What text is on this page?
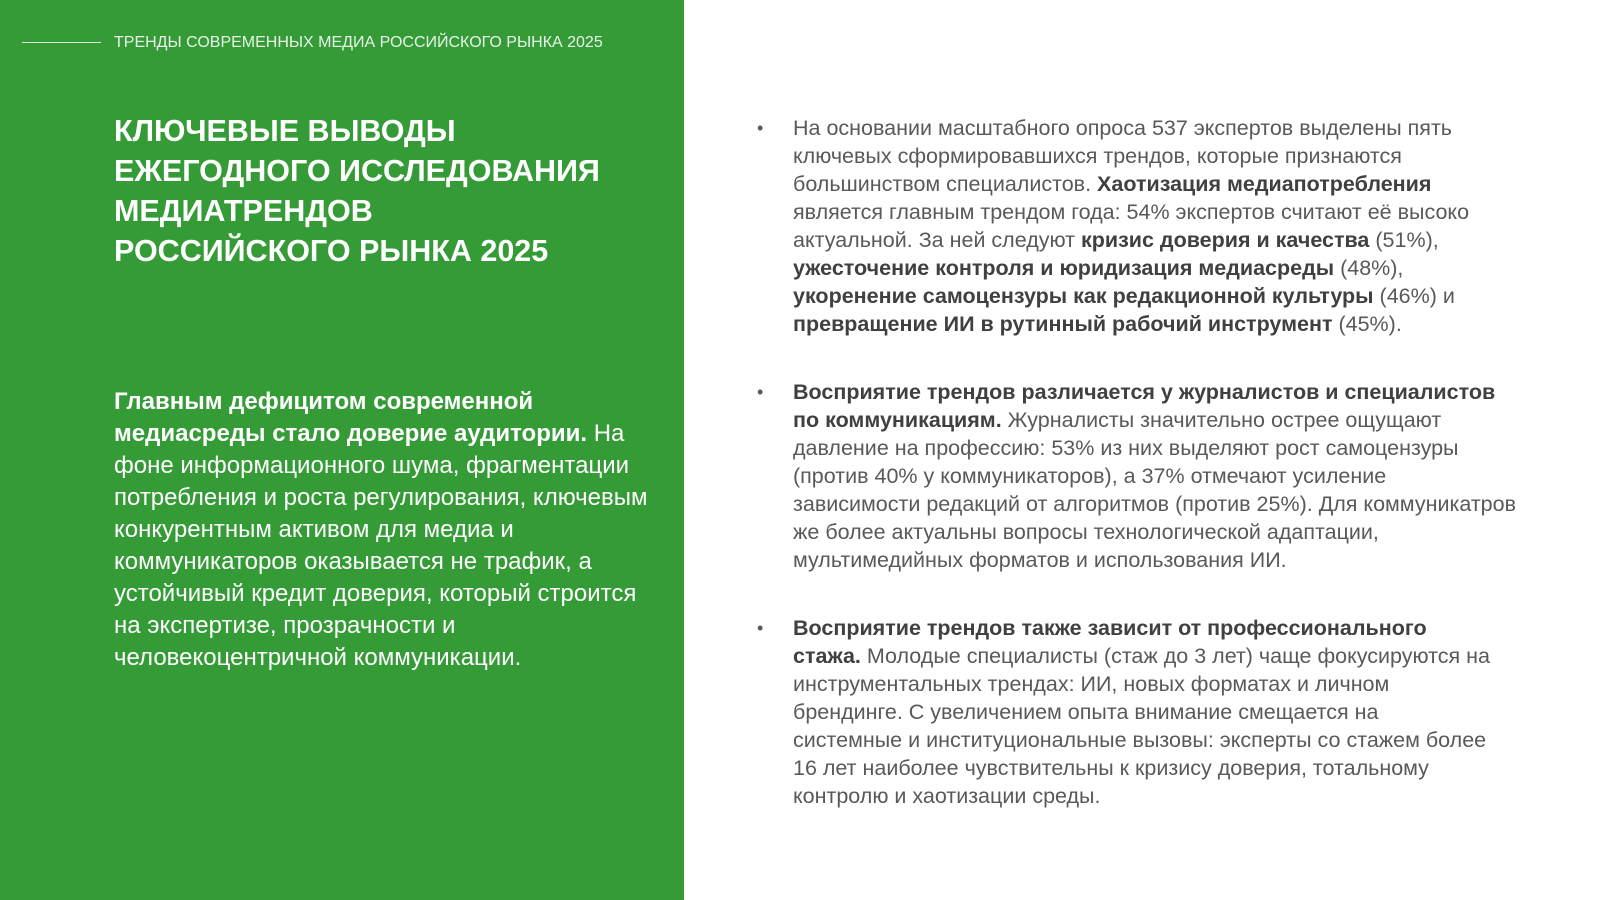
ТРЕНДЫ СОВРЕМЕННЫХ МЕДИА РОССИЙСКОГО РЫНКА 2025
КЛЮЧЕВЫЕ ВЫВОДЫ
ЕЖЕГОДНОГО ИССЛЕДОВАНИЯ
МЕДИАТРЕНДОВ
РОССИЙСКОГО РЫНКА 2025

Главным дефицитом современной медиасреды стало доверие аудитории. На фоне информационного шума, фрагментации потребления и роста регулирования, ключевым конкурентным активом для медиа и коммуникаторов оказывается не трафик, а устойчивый кредит доверия, который строится на экспертизе, прозрачности и человекоцентричной коммуникации.

• На основании масштабного опроса 537 экспертов выделены пять ключевых сформировавшихся трендов, которые признаются большинством специалистов. Хаотизация медиапотребления является главным трендом года: 54% экспертов считают её высоко актуальной. За ней следуют кризис доверия и качества (51%), ужесточение контроля и юридизация медиасреды (48%), укоренение самоцензуры как редакционной культуры (46%) и превращение ИИ в рутинный рабочий инструмент (45%).
• Восприятие трендов различается у журналистов и специалистов по коммуникациям. Журналисты значительно острее ощущают давление на профессию: 53% из них выделяют рост самоцензуры (против 40% у коммуникаторов), а 37% отмечают усиление зависимости редакций от алгоритмов (против 25%). Для коммуникатров же более актуальны вопросы технологической адаптации, мультимедийных форматов и использования ИИ.
• Восприятие трендов также зависит от профессионального стажа. Молодые специалисты (стаж до 3 лет) чаще фокусируются на инструментальных трендах: ИИ, новых форматах и личном брендинге. С увеличением опыта внимание смещается на системные и институциональные вызовы: эксперты со стажем более 16 лет наиболее чувствительны к кризису доверия, тотальному контролю и хаотизации среды.
